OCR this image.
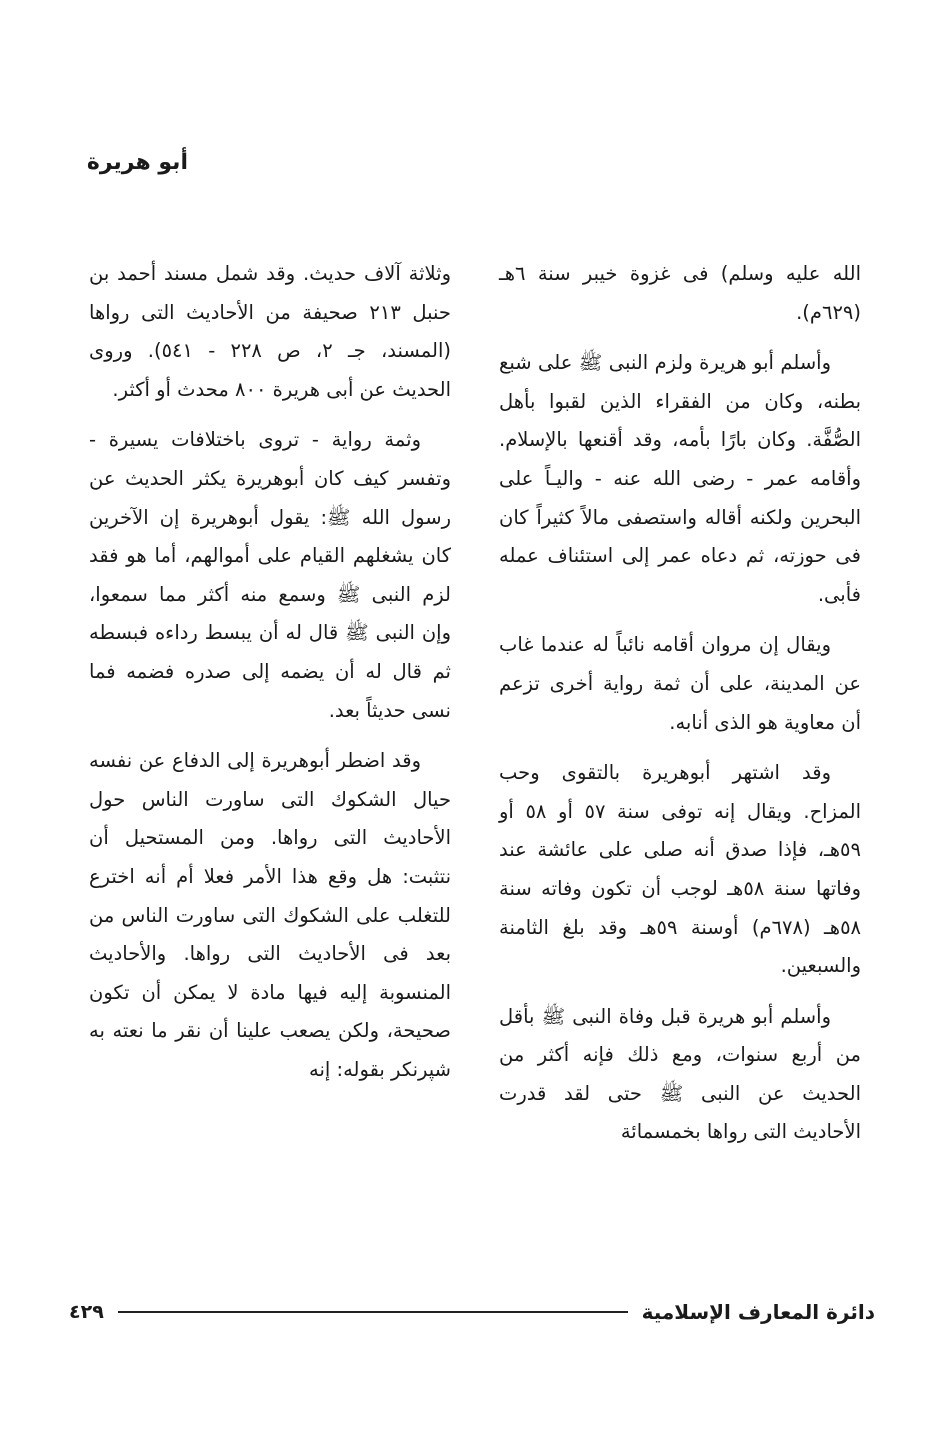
أبو هريرة

الله عليه وسلم) فى غزوة خيبر سنة ٦هـ (٦٢٩م).

وأسلم أبو هريرة ولزم النبى ﷺ على شبع بطنه، وكان من الفقراء الذين لقبوا بأهل الصُّفَّة. وكان بارًا بأمه، وقد أقنعها بالإسلام. وأقامه عمر - رضى الله عنه - واليـاً على البحرين ولكنه أقاله واستصفى مالاً كثيراً كان فى حوزته، ثم دعاه عمر إلى استئناف عمله فأبى.

ويقال إن مروان أقامه نائباً له عندما غاب عن المدينة، على أن ثمة رواية أخرى تزعم أن معاوية هو الذى أنابه.

وقد اشتهر أبوهريرة بالتقوى وحب المزاح. ويقال إنه توفى سنة ٥٧ أو ٥٨ أو ٥٩هـ، فإذا صدق أنه صلى على عائشة عند وفاتها سنة ٥٨هـ لوجب أن تكون وفاته سنة ٥٨هـ (٦٧٨م) أوسنة ٥٩هـ وقد بلغ الثامنة والسبعين.

وأسلم أبو هريرة قبل وفاة النبى ﷺ بأقل من أربع سنوات، ومع ذلك فإنه أكثر من الحديث عن النبى ﷺ حتى لقد قدرت الأحاديث التى رواها بخمسمائة

وثلاثة آلاف حديث. وقد شمل مسند أحمد بن حنبل ٢١٣ صحيفة من الأحاديث التى رواها (المسند، جـ ٢، ص ٢٢٨ - ٥٤١). وروى الحديث عن أبى هريرة ٨٠٠ محدث أو أكثر.

وثمة رواية - تروى باختلافات يسيرة - وتفسر كيف كان أبوهريرة يكثر الحديث عن رسول الله ﷺ: يقول أبوهريرة إن الآخرين كان يشغلهم القيام على أموالهم، أما هو فقد لزم النبى ﷺ وسمع منه أكثر مما سمعوا، وإن النبى ﷺ قال له أن يبسط رداءه فبسطه ثم قال له أن يضمه إلى صدره فضمه فما نسى حديثاً بعد.

وقد اضطر أبوهريرة إلى الدفاع عن نفسه حيال الشكوك التى ساورت الناس حول الأحاديث التى رواها. ومن المستحيل أن نتثبت: هل وقع هذا الأمر فعلا أم أنه اخترع للتغلب على الشكوك التى ساورت الناس من بعد فى الأحاديث التى رواها. والأحاديث المنسوبة إليه فيها مادة لا يمكن أن تكون صحيحة، ولكن يصعب علينا أن نقر ما نعته به شپرنكر بقوله: إنه

دائرة المعارف الإسلامية
٤٢٩
